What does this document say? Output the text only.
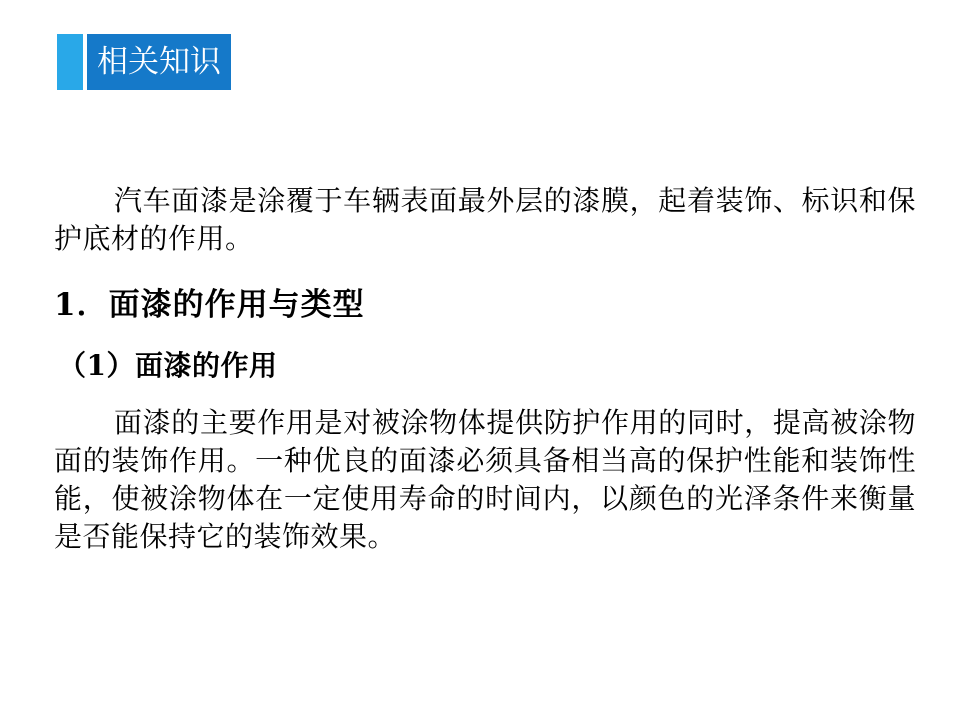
相关知识
汽车面漆是涂覆于车辆表面最外层的漆膜，起着装饰、标识和保护底材的作用。
1．面漆的作用与类型
（1）面漆的作用
面漆的主要作用是对被涂物体提供防护作用的同时，提高被涂物面的装饰作用。一种优良的面漆必须具备相当高的保护性能和装饰性能，使被涂物体在一定使用寿命的时间内，以颜色的光泽条件来衡量是否能保持它的装饰效果。
